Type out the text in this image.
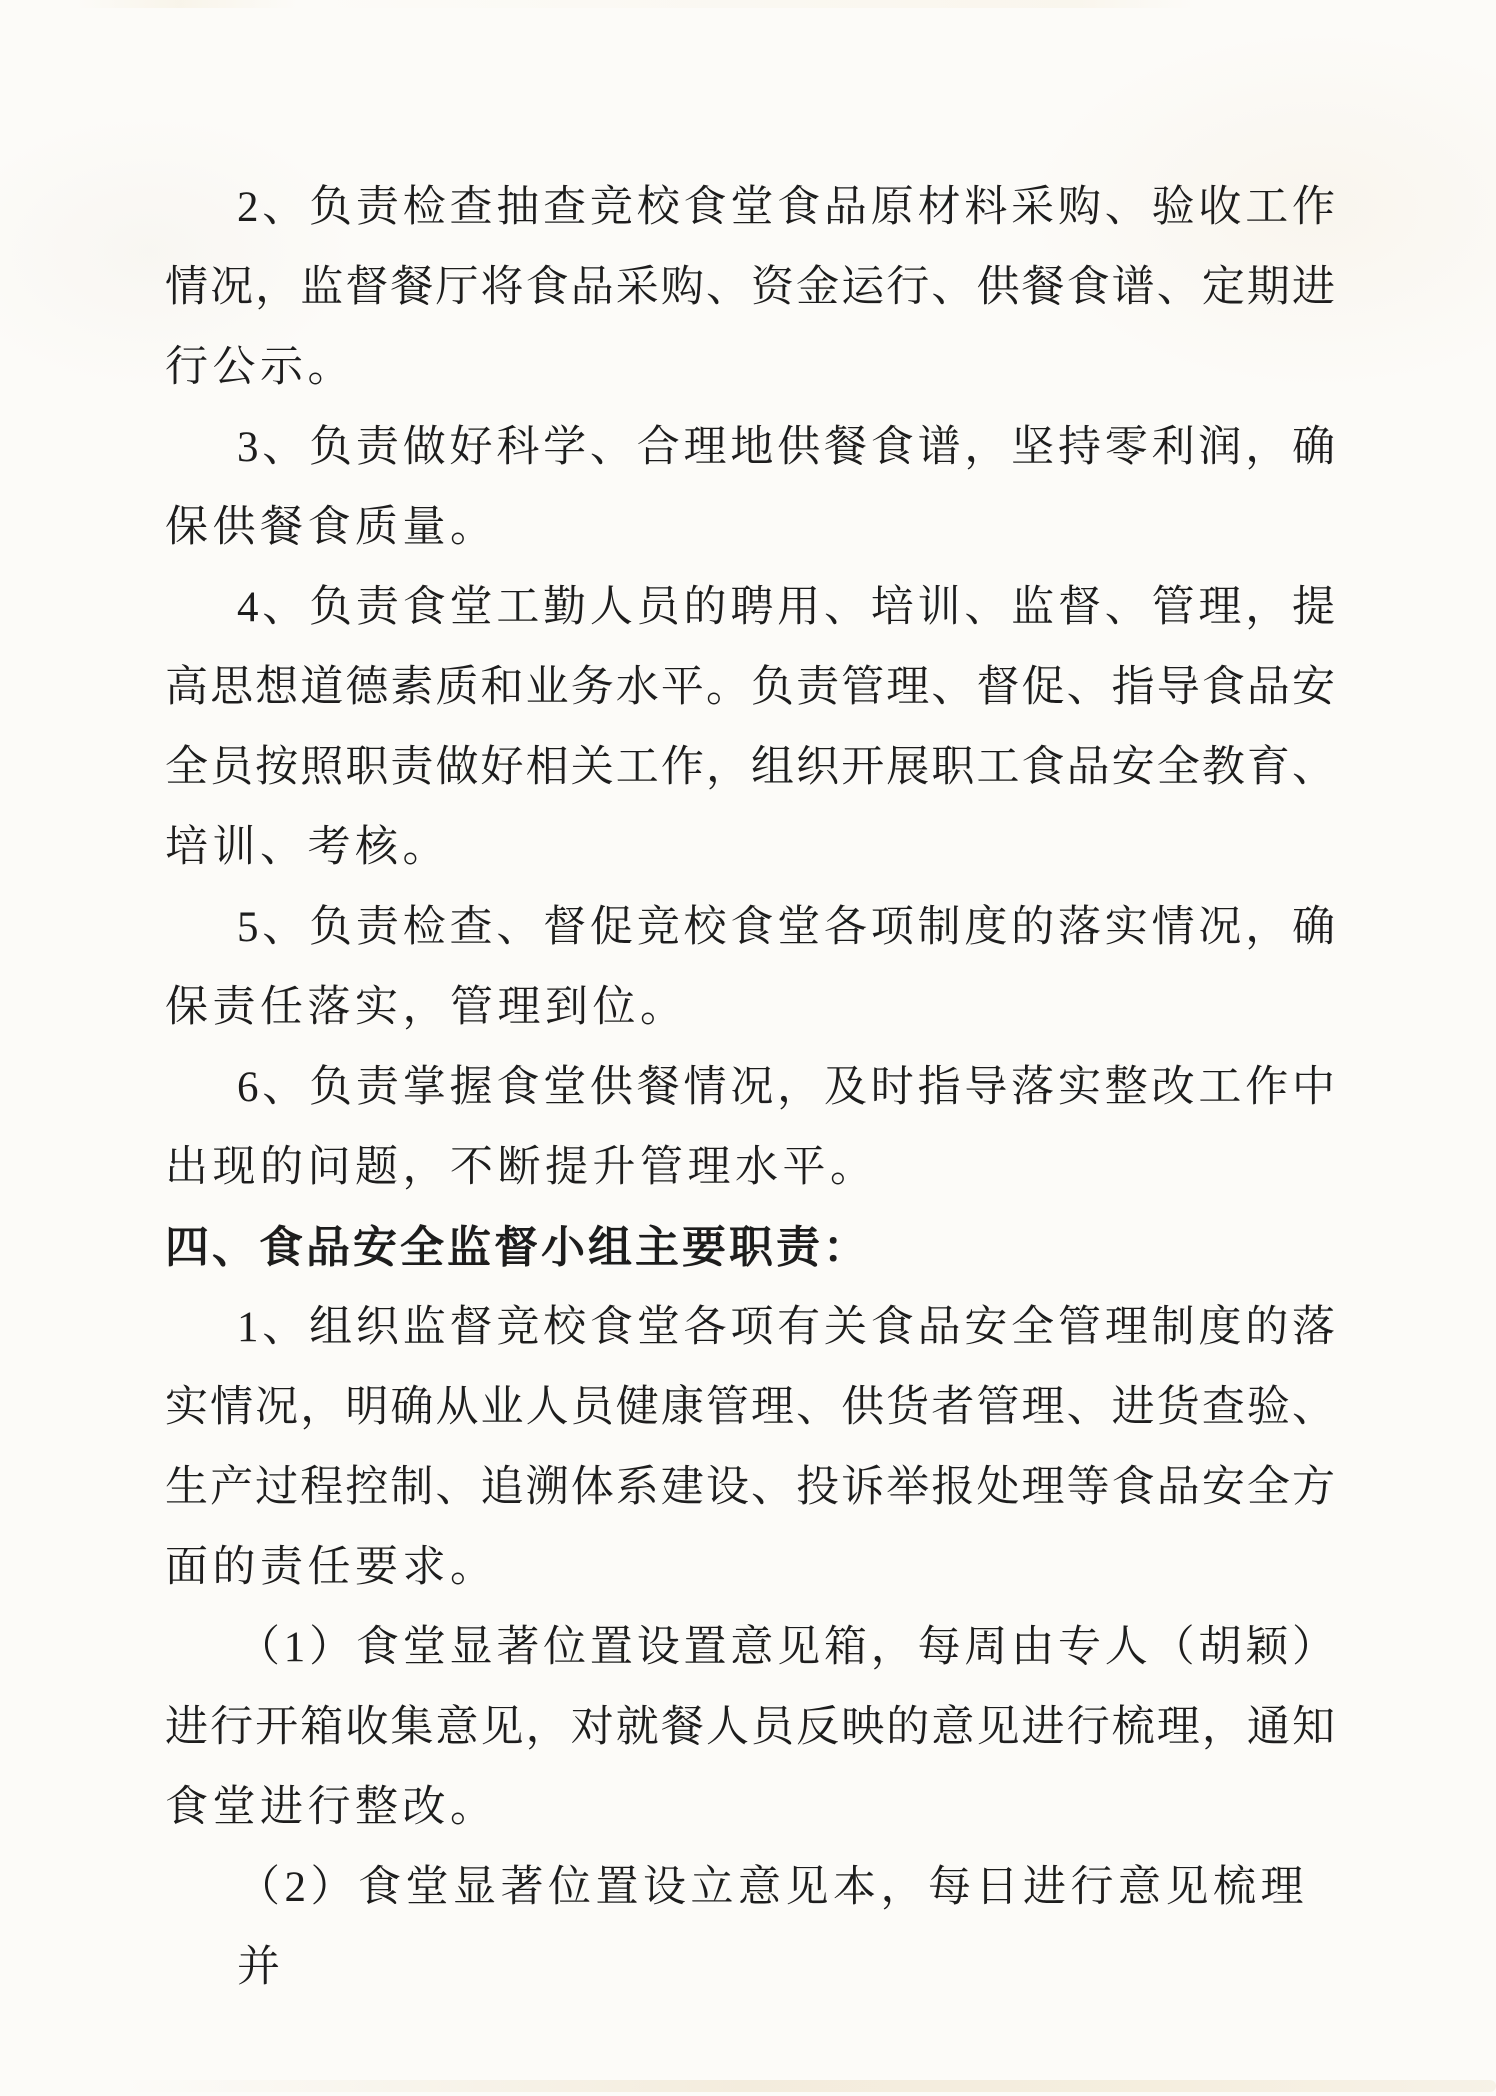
2、负责检查抽查竞校食堂食品原材料采购、验收工作
情况，监督餐厅将食品采购、资金运行、供餐食谱、定期进
行公示。
3、负责做好科学、合理地供餐食谱，坚持零利润，确
保供餐食质量。
4、负责食堂工勤人员的聘用、培训、监督、管理，提
高思想道德素质和业务水平。负责管理、督促、指导食品安
全员按照职责做好相关工作，组织开展职工食品安全教育、
培训、考核。
5、负责检查、督促竞校食堂各项制度的落实情况，确
保责任落实，管理到位。
6、负责掌握食堂供餐情况，及时指导落实整改工作中
出现的问题，不断提升管理水平。
四、食品安全监督小组主要职责：
1、组织监督竞校食堂各项有关食品安全管理制度的落
实情况，明确从业人员健康管理、供货者管理、进货查验、
生产过程控制、追溯体系建设、投诉举报处理等食品安全方
面的责任要求。
（1）食堂显著位置设置意见箱，每周由专人（胡颖）
进行开箱收集意见，对就餐人员反映的意见进行梳理，通知
食堂进行整改。
（2）食堂显著位置设立意见本，每日进行意见梳理并
